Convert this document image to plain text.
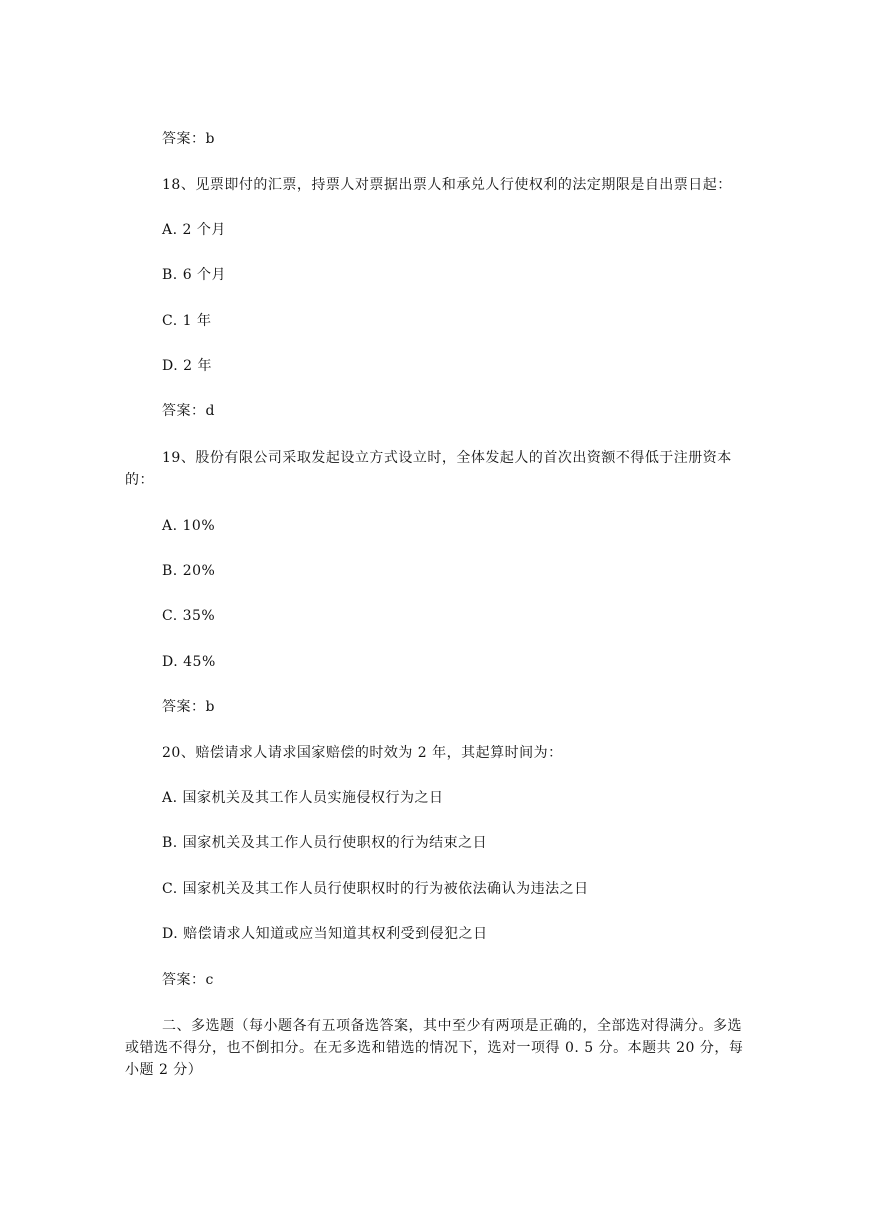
答案：b
18、见票即付的汇票，持票人对票据出票人和承兑人行使权利的法定期限是自出票日起：
A. 2 个月
B. 6 个月
C. 1 年
D. 2 年
答案：d
19、股份有限公司采取发起设立方式设立时，全体发起人的首次出资额不得低于注册资本的：
A. 10%
B. 20%
C. 35%
D. 45%
答案：b
20、赔偿请求人请求国家赔偿的时效为 2 年，其起算时间为：
A. 国家机关及其工作人员实施侵权行为之日
B. 国家机关及其工作人员行使职权的行为结束之日
C. 国家机关及其工作人员行使职权时的行为被依法确认为违法之日
D. 赔偿请求人知道或应当知道其权利受到侵犯之日
答案：c
二、多选题（每小题各有五项备选答案，其中至少有两项是正确的，全部选对得满分。多选或错选不得分，也不倒扣分。在无多选和错选的情况下，选对一项得 0. 5 分。本题共 20 分，每小题 2 分）
